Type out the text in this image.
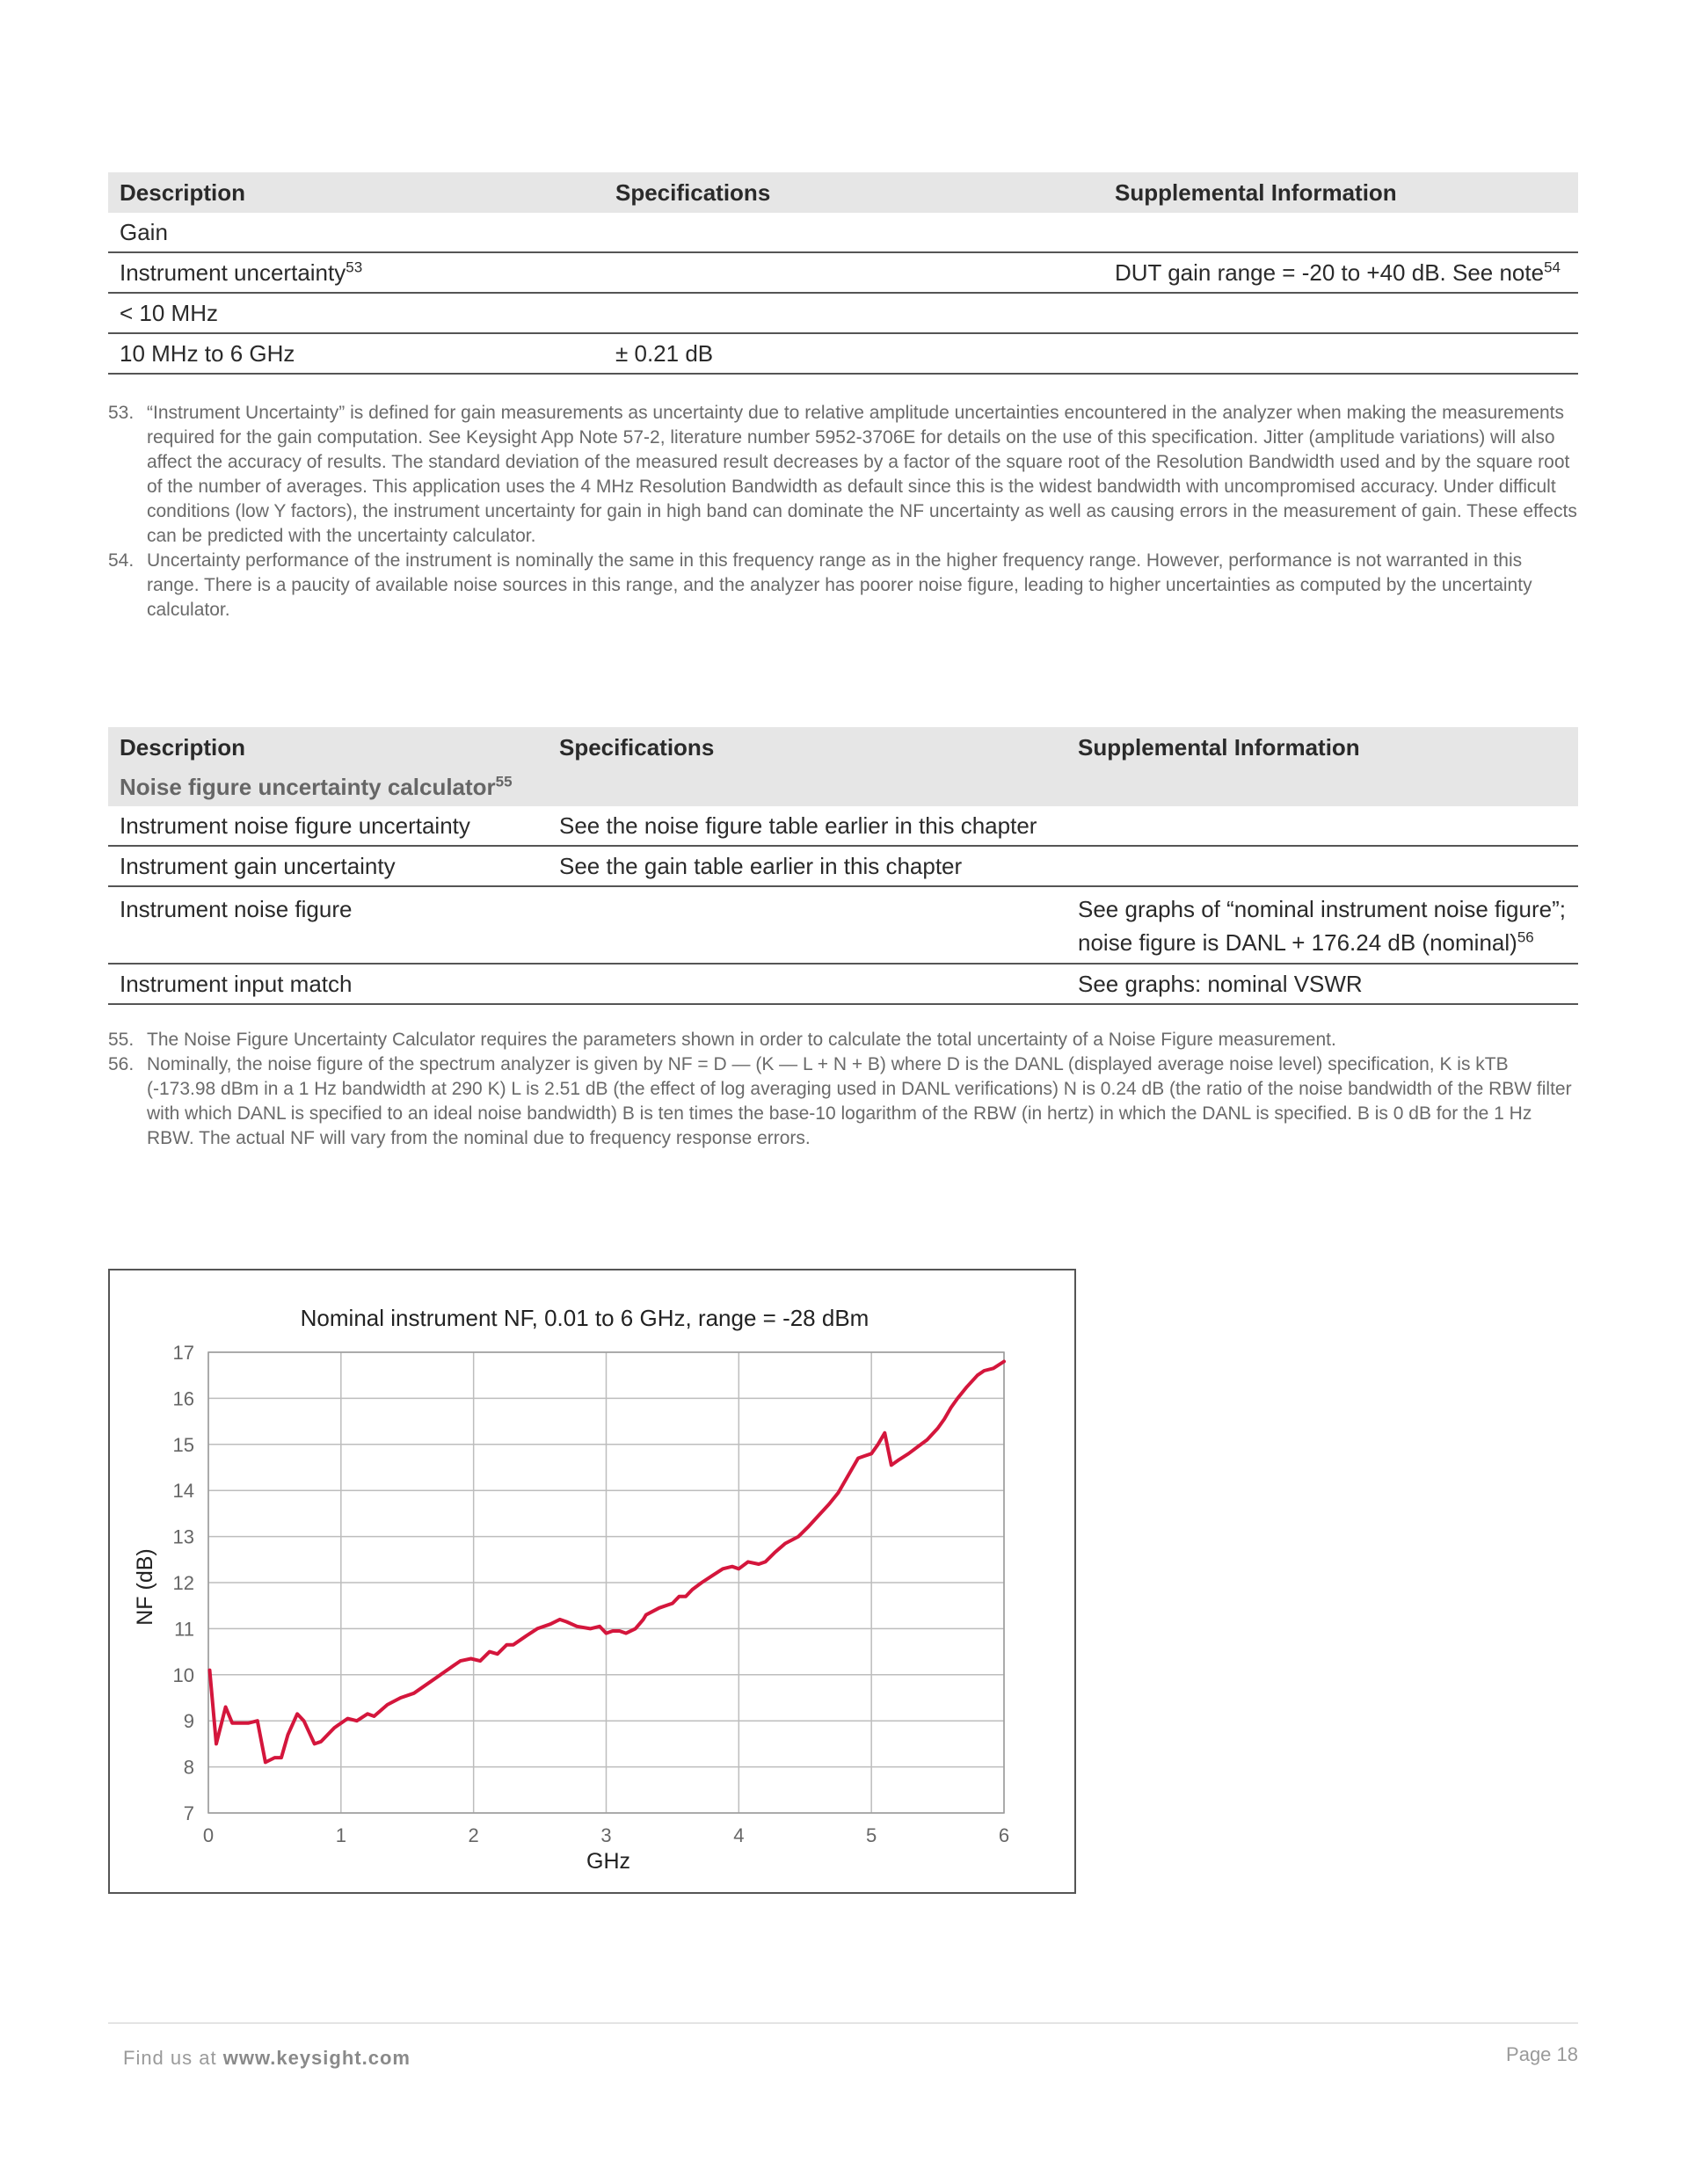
Description	Specifications	Supplemental Information
Gain		
Instrument uncertainty$^{53}$		DUT gain range = -20 to +40 dB. See note$^{54}$
< 10 MHz		
10 MHz to 6 GHz	± 0.21 dB	
53. “Instrument Uncertainty” is defined for gain measurements as uncertainty due to relative amplitude uncertainties encountered in the analyzer when making the measurements required for the gain computation. See Keysight App Note 57-2, literature number 5952-3706E for details on the use of this specification. Jitter (amplitude variations) will also affect the accuracy of results. The standard deviation of the measured result decreases by a factor of the square root of the Resolution Bandwidth used and by the square root of the number of averages. This application uses the 4 MHz Resolution Bandwidth as default since this is the widest bandwidth with uncompromised accuracy. Under difficult conditions (low Y factors), the instrument uncertainty for gain in high band can dominate the NF uncertainty as well as causing errors in the measurement of gain. These effects can be predicted with the uncertainty calculator.
54. Uncertainty performance of the instrument is nominally the same in this frequency range as in the higher frequency range. However, performance is not warranted in this range. There is a paucity of available noise sources in this range, and the analyzer has poorer noise figure, leading to higher uncertainties as computed by the uncertainty calculator.
Description	Specifications	Supplemental Information
Noise figure uncertainty calculator$^{55}$		
Instrument noise figure uncertainty	See the noise figure table earlier in this chapter	
Instrument gain uncertainty	See the gain table earlier in this chapter	
Instrument noise figure		See graphs of “nominal instrument noise figure”;
noise figure is DANL + 176.24 dB (nominal)$^{56}$
Instrument input match		See graphs: nominal VSWR
55. The Noise Figure Uncertainty Calculator requires the parameters shown in order to calculate the total uncertainty of a Noise Figure measurement.
56. Nominally, the noise figure of the spectrum analyzer is given by NF = D — (K — L + N + B) where D is the DANL (displayed average noise level) specification, K is kTB (-173.98 dBm in a 1 Hz bandwidth at 290 K) L is 2.51 dB (the effect of log averaging used in DANL verifications) N is 0.24 dB (the ratio of the noise bandwidth of the RBW filter with which DANL is specified to an ideal noise bandwidth) B is ten times the base-10 logarithm of the RBW (in hertz) in which the DANL is specified. B is 0 dB for the 1 Hz RBW. The actual NF will vary from the nominal due to frequency response errors.
Nominal instrument NF, 0.01 to 6 GHz, range = -28 dBm
GHz
NF (dB)
0	1	2	3	4	5	6
7
8
9
10
11
12
13
14
15
16
17
Find us at www.keysight.com	Page 18
